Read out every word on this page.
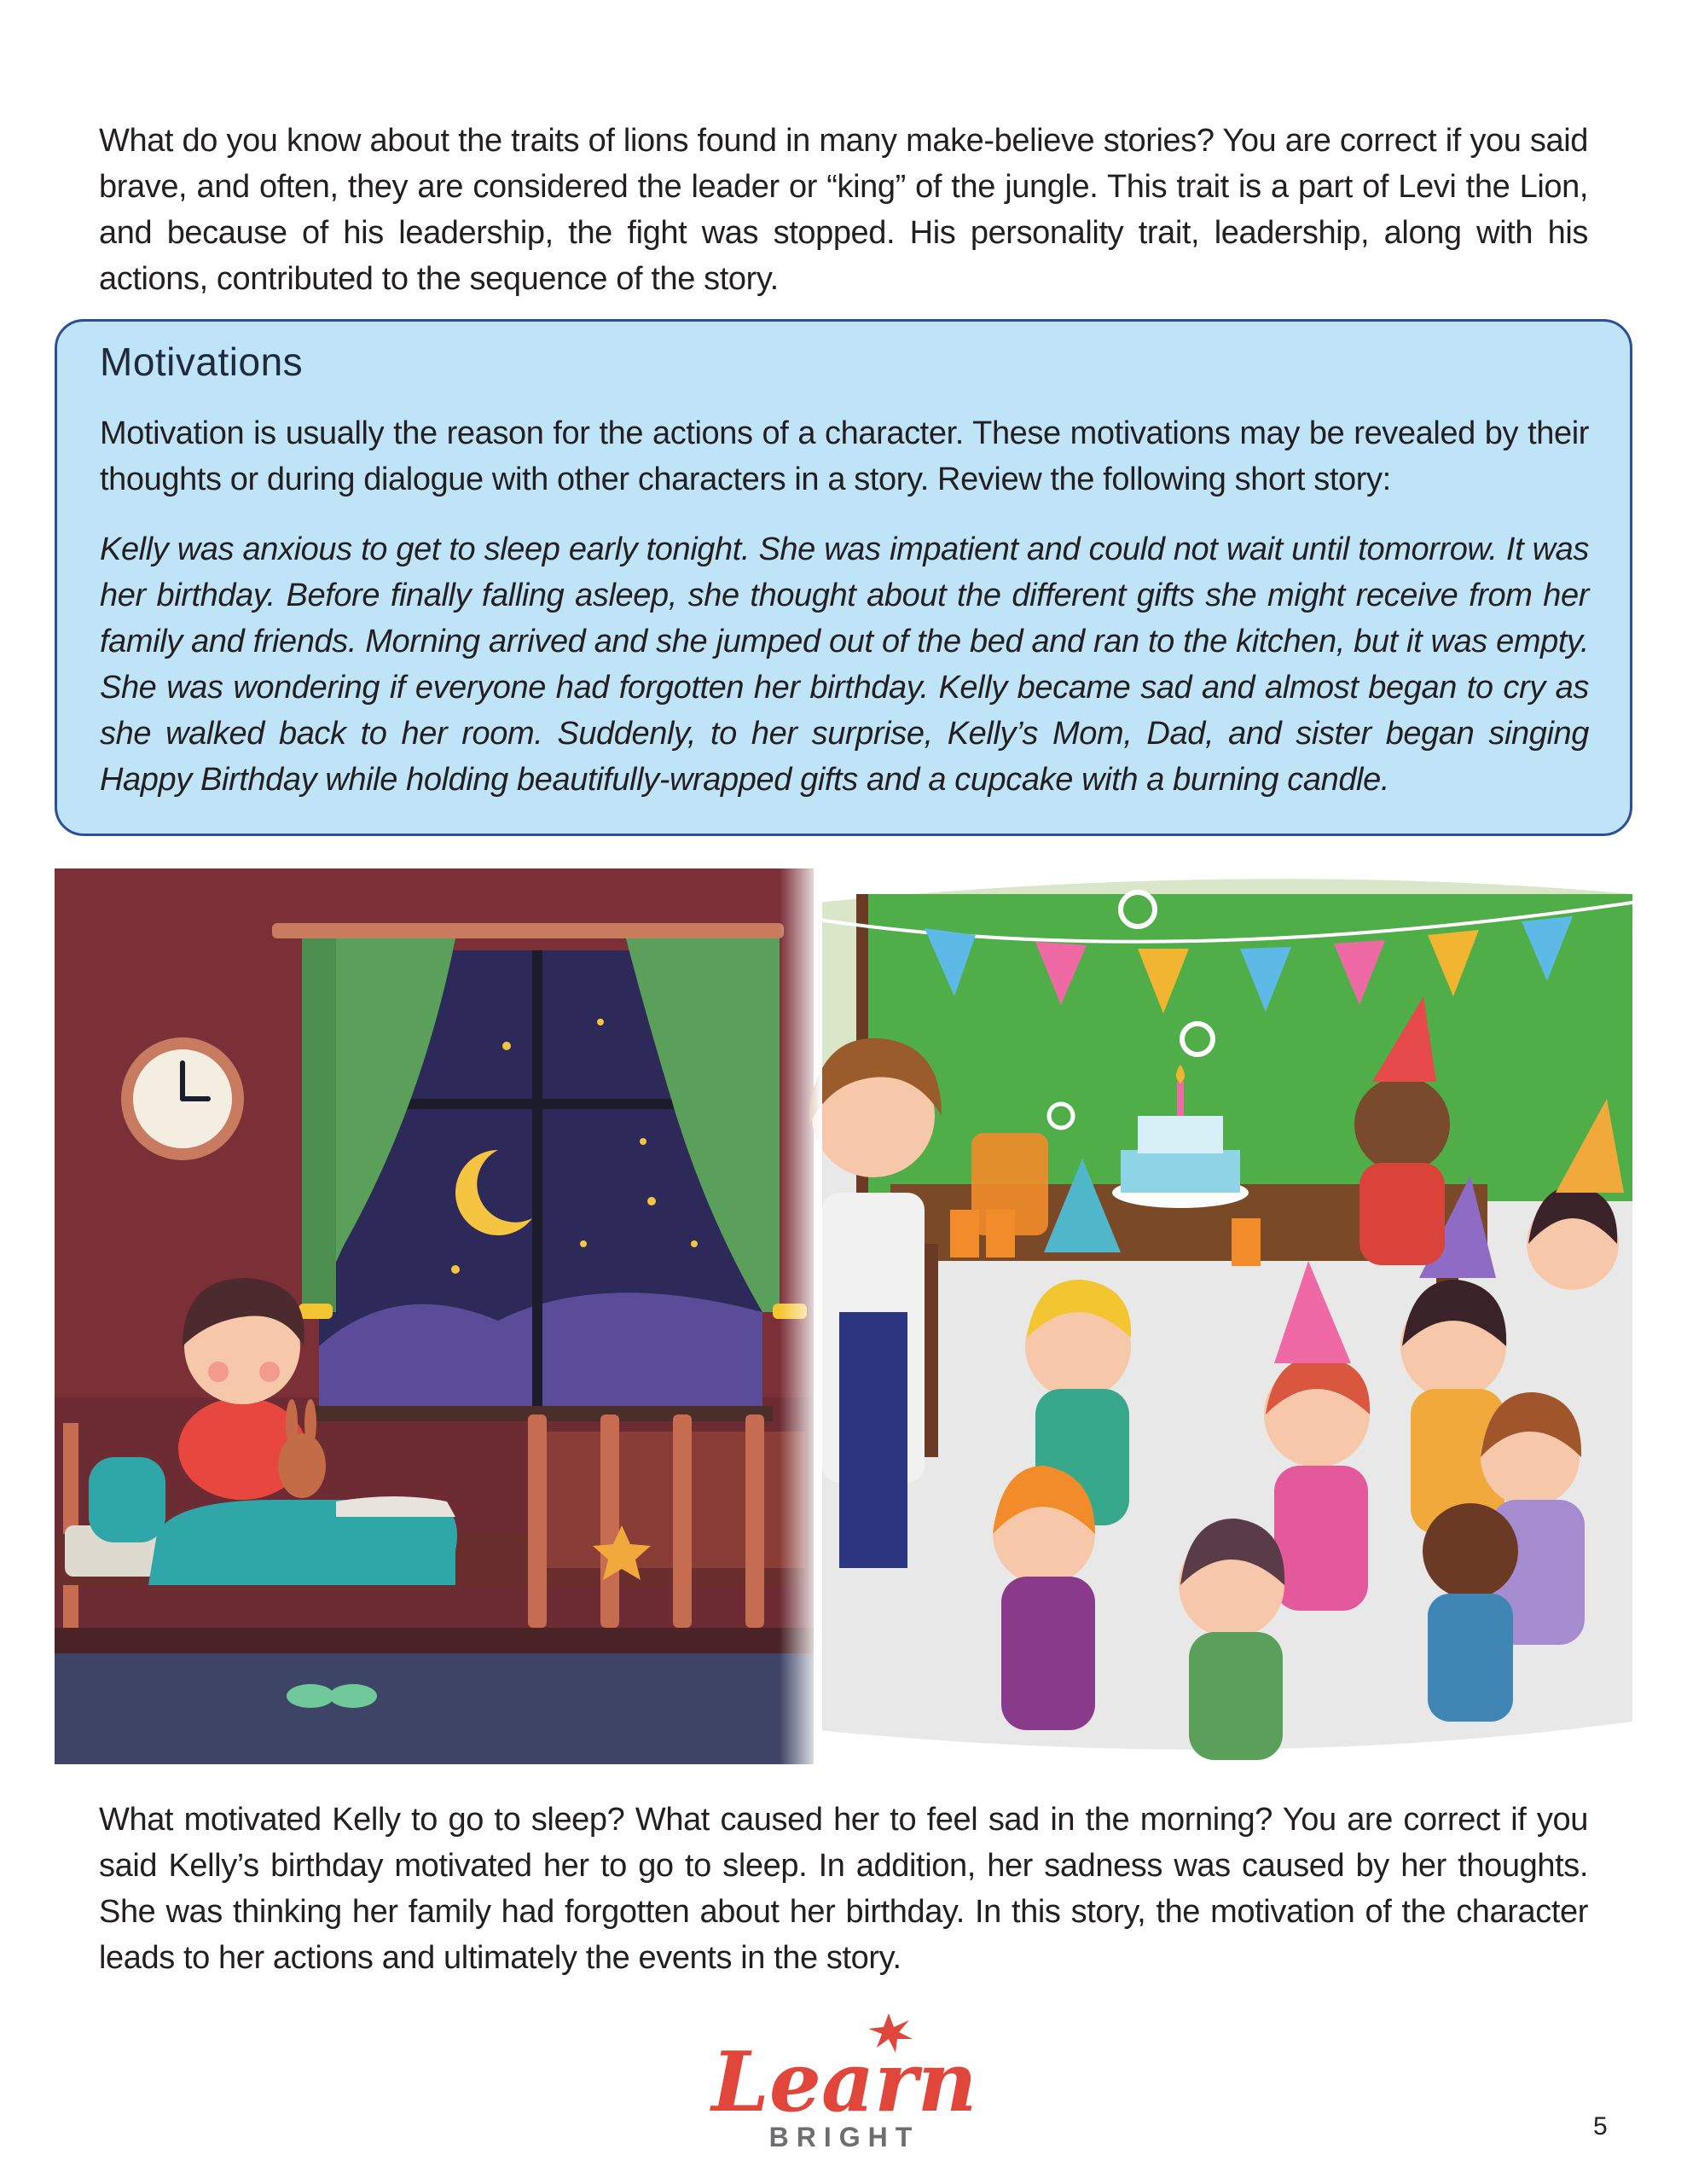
What do you know about the traits of lions found in many make-believe stories? You are correct if you said brave, and often, they are considered the leader or “king” of the jungle. This trait is a part of Levi the Lion, and because of his leadership, the fight was stopped. His personality trait, leadership, along with his actions, contributed to the sequence of the story.

Motivations

Motivation is usually the reason for the actions of a character. These motivations may be revealed by their thoughts or during dialogue with other characters in a story. Review the following short story:

Kelly was anxious to get to sleep early tonight. She was impatient and could not wait until tomorrow. It was her birthday. Before finally falling asleep, she thought about the different gifts she might receive from her family and friends. Morning arrived and she jumped out of the bed and ran to the kitchen, but it was empty. She was wondering if everyone had forgotten her birthday. Kelly became sad and almost began to cry as she walked back to her room. Suddenly, to her surprise, Kelly’s Mom, Dad, and sister began singing Happy Birthday while holding beautifully-wrapped gifts and a cupcake with a burning candle.

What motivated Kelly to go to sleep? What caused her to feel sad in the morning? You are correct if you said Kelly’s birthday motivated her to go to sleep. In addition, her sadness was caused by her thoughts. She was thinking her family had forgotten about her birthday. In this story, the motivation of the character leads to her actions and ultimately the events in the story.

Learn
BRIGHT	5
